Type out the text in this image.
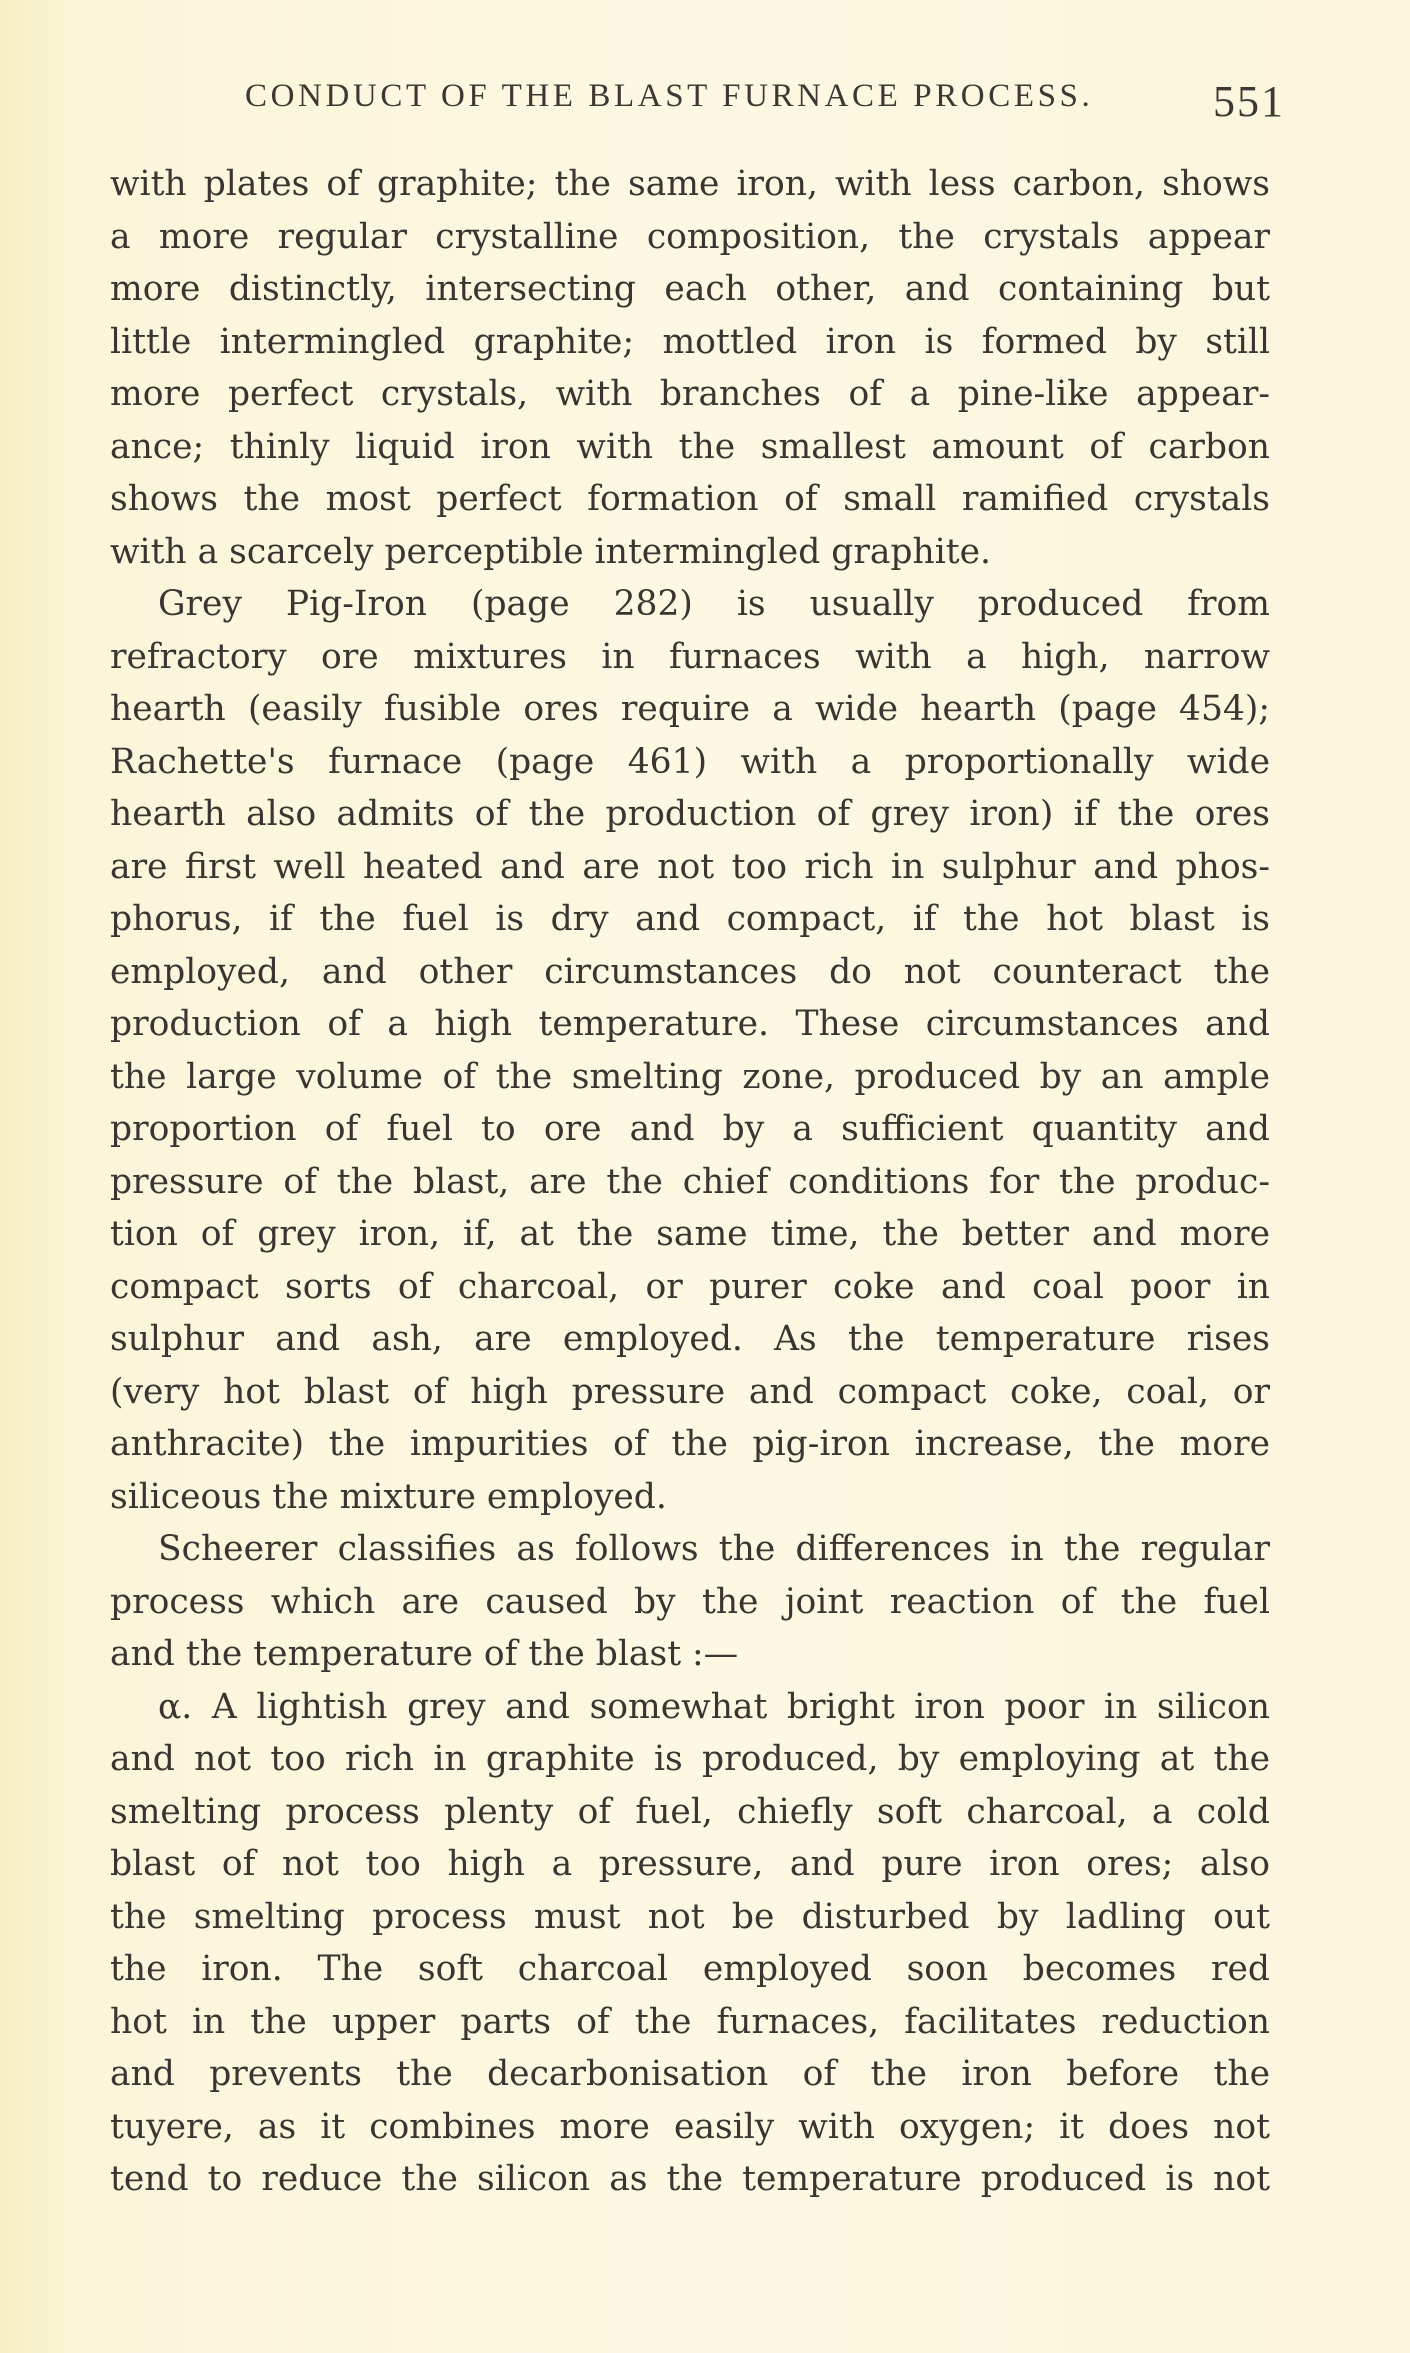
CONDUCT OF THE BLAST FURNACE PROCESS.	551
with plates of graphite; the same iron, with less carbon, shows
a more regular crystalline composition, the crystals appear
more distinctly, intersecting each other, and containing but
little intermingled graphite; mottled iron is formed by still
more perfect crystals, with branches of a pine-like appear-
ance; thinly liquid iron with the smallest amount of carbon
shows the most perfect formation of small ramified crystals
with a scarcely perceptible intermingled graphite.
Grey Pig-Iron (page 282) is usually produced from
refractory ore mixtures in furnaces with a high, narrow
hearth (easily fusible ores require a wide hearth (page 454);
Rachette's furnace (page 461) with a proportionally wide
hearth also admits of the production of grey iron) if the ores
are first well heated and are not too rich in sulphur and phos-
phorus, if the fuel is dry and compact, if the hot blast is
employed, and other circumstances do not counteract the
production of a high temperature. These circumstances and
the large volume of the smelting zone, produced by an ample
proportion of fuel to ore and by a sufficient quantity and
pressure of the blast, are the chief conditions for the produc-
tion of grey iron, if, at the same time, the better and more
compact sorts of charcoal, or purer coke and coal poor in
sulphur and ash, are employed. As the temperature rises
(very hot blast of high pressure and compact coke, coal, or
anthracite) the impurities of the pig-iron increase, the more
siliceous the mixture employed.
Scheerer classifies as follows the differences in the regular
process which are caused by the joint reaction of the fuel
and the temperature of the blast :—
α. A lightish grey and somewhat bright iron poor in silicon
and not too rich in graphite is produced, by employing at the
smelting process plenty of fuel, chiefly soft charcoal, a cold
blast of not too high a pressure, and pure iron ores; also
the smelting process must not be disturbed by ladling out
the iron. The soft charcoal employed soon becomes red
hot in the upper parts of the furnaces, facilitates reduction
and prevents the decarbonisation of the iron before the
tuyere, as it combines more easily with oxygen; it does not
tend to reduce the silicon as the temperature produced is not
